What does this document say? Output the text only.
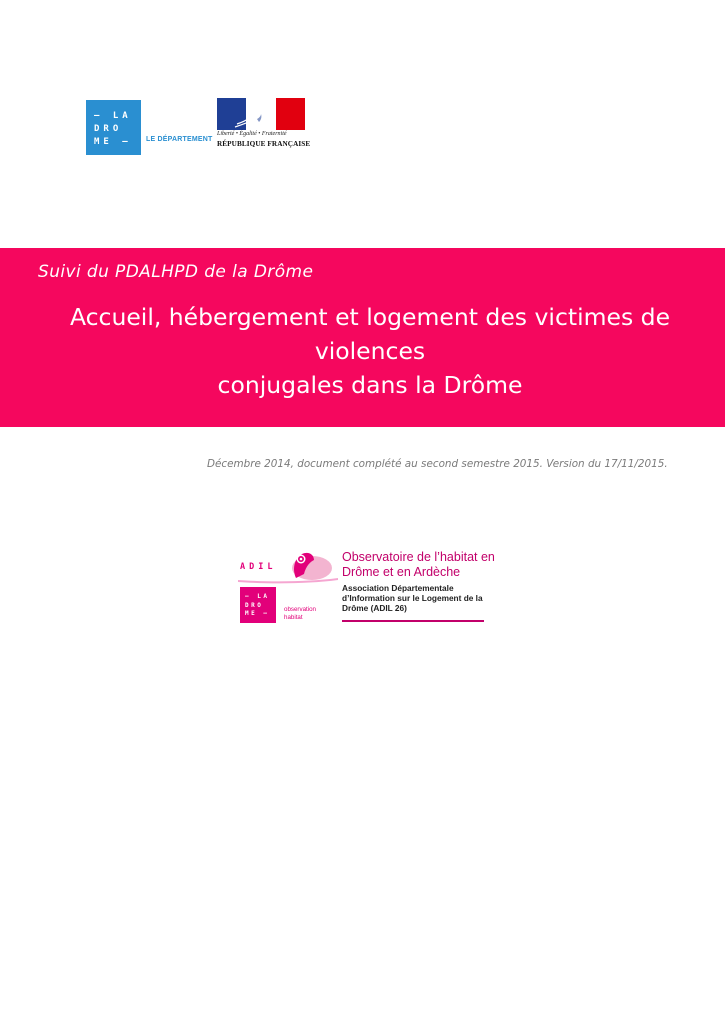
– LA
DRO
ME –	LE DÉPARTEMENT
Liberté • Égalité • Fraternité
RÉPUBLIQUE FRANÇAISE
Suivi du PDALHPD de la Drôme
Accueil, hébergement et logement des victimes de violences
conjugales dans la Drôme
Décembre 2014, document complété au second semestre 2015. Version du 17/11/2015.
ADIL
– LA
DRO
ME –
observation
habitat
Observatoire de l’habitat en
Drôme et en Ardèche
Association Départementale
d’Information sur le Logement de la
Drôme (ADIL 26)
